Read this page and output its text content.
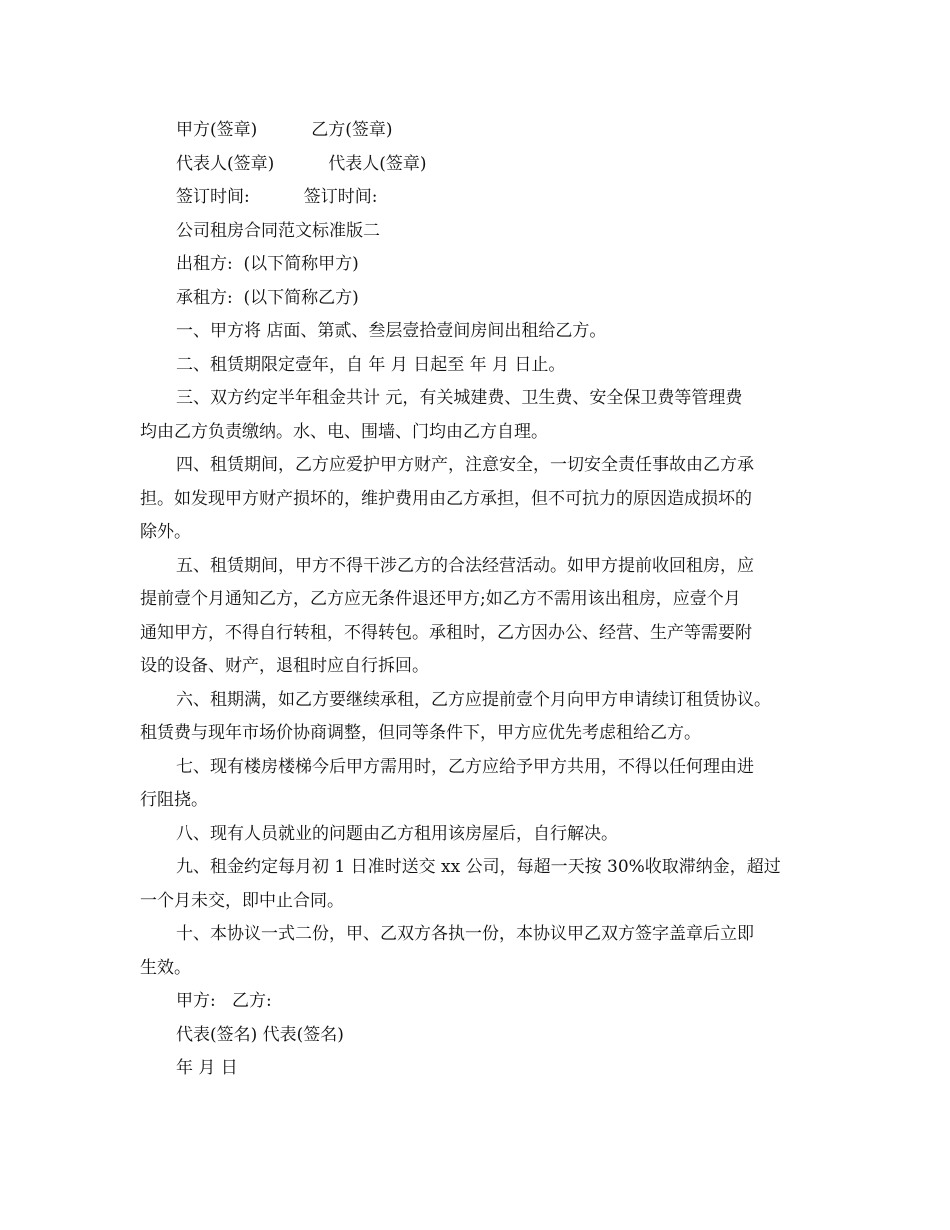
甲方(签章)          乙方(签章)

代表人(签章)          代表人(签章)

签订时间:          签订时间:

公司租房合同范文标准版二

出租方:  (以下简称甲方)

承租方:  (以下简称乙方)

一、甲方将 店面、第贰、叁层壹拾壹间房间出租给乙方。
二、租赁期限定壹年，自 年 月 日起至 年 月 日止。
三、双方约定半年租金共计 元，有关城建费、卫生费、安全保卫费等管理费
均由乙方负责缴纳。水、电、围墙、门均由乙方自理。
四、租赁期间，乙方应爱护甲方财产，注意安全，一切安全责任事故由乙方承
担。如发现甲方财产损坏的，维护费用由乙方承担，但不可抗力的原因造成损坏的
除外。
五、租赁期间，甲方不得干涉乙方的合法经营活动。如甲方提前收回租房，应
提前壹个月通知乙方，乙方应无条件退还甲方;如乙方不需用该出租房，应壹个月
通知甲方，不得自行转租，不得转包。承租时，乙方因办公、经营、生产等需要附
设的设备、财产，退租时应自行拆回。
六、租期满，如乙方要继续承租，乙方应提前壹个月向甲方申请续订租赁协议。
租赁费与现年市场价协商调整，但同等条件下，甲方应优先考虑租给乙方。
七、现有楼房楼梯今后甲方需用时，乙方应给予甲方共用，不得以任何理由进
行阻挠。
八、现有人员就业的问题由乙方租用该房屋后，自行解决。
九、租金约定每月初 1 日准时送交 xx 公司，每超一天按 30%收取滞纳金，超过
一个月未交，即中止合同。
十、本协议一式二份，甲、乙双方各执一份，本协议甲乙双方签字盖章后立即
生效。

甲方:   乙方:

代表(签名) 代表(签名)

年 月 日
